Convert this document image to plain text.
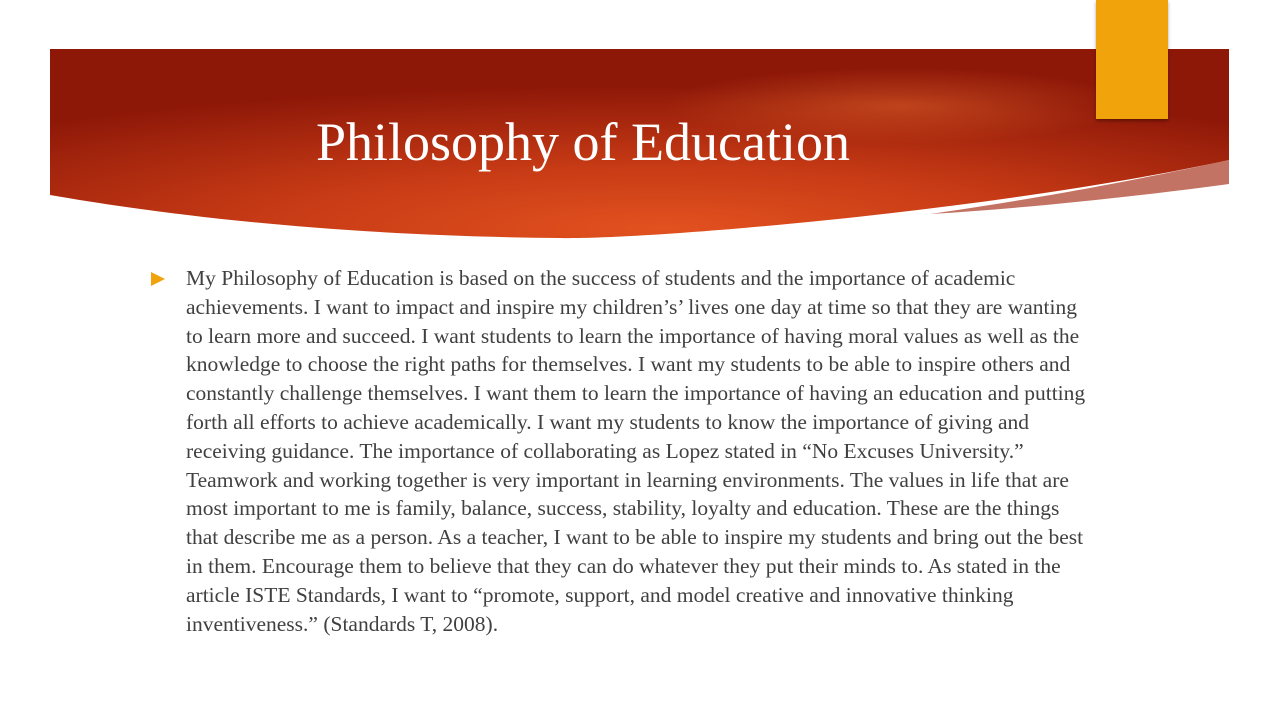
Philosophy of Education

My Philosophy of Education is based on the success of students and the importance of academic achievements. I want to impact and inspire my children’s’ lives one day at time so that they are wanting to learn more and succeed. I want students to learn the importance of having moral values as well as the knowledge to choose the right paths for themselves. I want my students to be able to inspire others and constantly challenge themselves. I want them to learn the importance of having an education and putting forth all efforts to achieve academically. I want my students to know the importance of giving and receiving guidance. The importance of collaborating as Lopez stated in “No Excuses University.” Teamwork and working together is very important in learning environments. The values in life that are most important to me is family, balance, success, stability, loyalty and education. These are the things that describe me as a person. As a teacher, I want to be able to inspire my students and bring out the best in them. Encourage them to believe that they can do whatever they put their minds to. As stated in the article ISTE Standards, I want to “promote, support, and model creative and innovative thinking inventiveness.” (Standards T, 2008).
